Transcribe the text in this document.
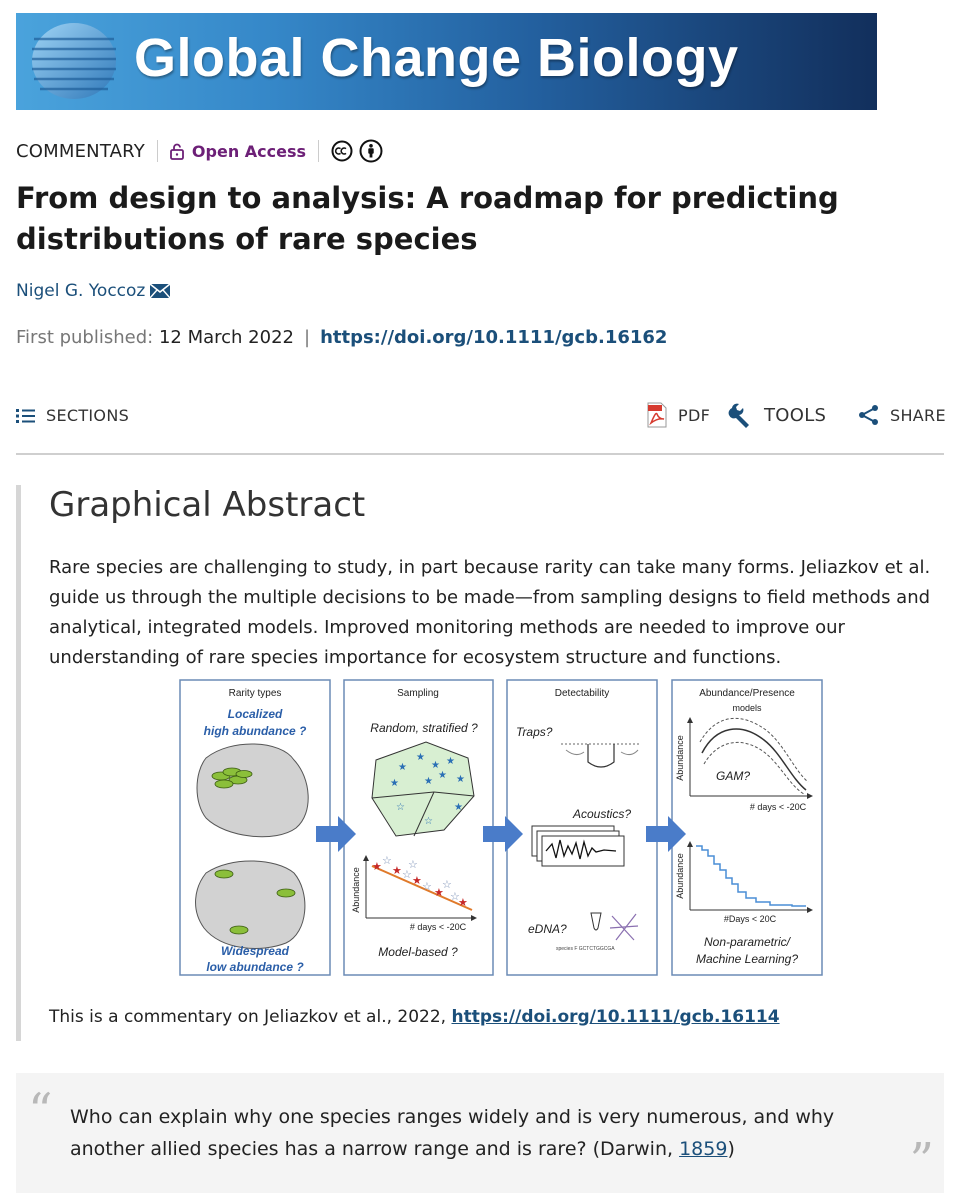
Global Change Biology
COMMENTARY	Open Access
From design to analysis: A roadmap for predicting distributions of rare species
Nigel G. Yoccoz
First published:
12 March 2022 | https://doi.org/10.1111/gcb.16162
SECTIONS	PDF	TOOLS	SHARE
Graphical Abstract

Rare species are challenging to study, in part because rarity can take many forms. Jeliazkov et al. guide us through the multiple decisions to be made—from sampling designs to field methods and analytical, integrated models. Improved monitoring methods are needed to improve our understanding of rare species importance for ecosystem structure and functions.

Rarity types
Localized
high abundance ?
Widespread
low abundance ?
Sampling
Random, stratified ?
★
★ ★ ★
★ ★
★	★
☆	★
☆
Abundance
★ ★
★
★
★
☆
☆
☆ ☆
☆
☆
# days < -20C
Model-based ?
Detectability
Traps?
Acoustics?
eDNA?
species F GCTCTGGCGA
Abundance/Presence
models
Abundance	GAM?
# days < -20C
Abundance
#Days < 20C
Non-parametric/
Machine Learning?
This is a commentary on Jeliazkov et al., 2022, https://doi.org/10.1111/gcb.16114
“ Who can explain why one species ranges widely and is very numerous, and why another allied species has a narrow range and is rare? (Darwin, 1859)	”
